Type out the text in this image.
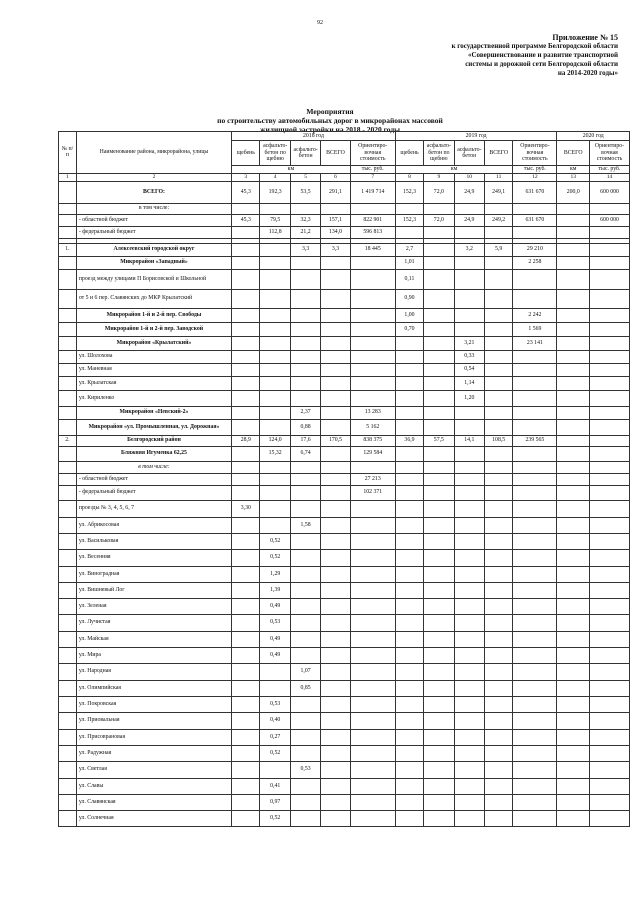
92
Приложение № 15
к государственной программе Белгородской области
«Совершенствование и развитие транспортной
системы и дорожной сети Белгородской области
на 2014-2020 годы»
Мероприятия
по строительству автомобильных дорог в микрорайонах массовой
жилищной застройки на 2018 - 2020 годы
№ п/п	Наименование района, микрорайона, улицы	2018 год					2019 год					2020 год	
		щебень	асфальто-бетон по щебню	асфальто-бетон	ВСЕГО	Ориентиро-вочная стоимость	щебень	асфальто-бетон по щебню	асфальто-бетон	ВСЕГО	Ориентиро-вочная стоимость	ВСЕГО	Ориентиро-вочная стоимость
		км				тыс. руб.	км				тыс. руб.	км	тыс. руб.
1	2	3	4	5	6	7	8	9	10	11	12	13	14
	ВСЕГО:	45,3	192,3	53,5	291,1	1 419 714	152,3	72,0	24,9	249,1	631 670	200,0	600 000
	в том числе:												
	- областной бюджет	45,3	79,5	32,3	157,1	822 901	152,3	72,0	24,9	249,2	631 670		600 000
	- федеральный бюджет		112,8	21,2	134,0	596 813							

1.	Алексеевский городской округ			3,3	3,3	18 445	2,7		3,2	5,9	29 210		
	Микрорайон «Западный»						1,01				2 258		
	проезд между улицами П Борисовской и Школьной						0,11						
	от 5 и 6 пер. Славянских до МКР Крылатский						0,90						
	Микрорайон 1-й и 2-й пер. Свободы						1,00				2 242		
	Микрорайон 1-й и 2-й пер. Заводской						0,70				1 569		
	Микрорайон «Крылатский»								3,21		23 141		
	ул. Шолохова								0,33				
	ул. Маневная								0,54				
	ул. Крылатская								1,14				
	ул. Кириленко								1,20				
	Микрорайон «Невский-2»			2,37		13 283							
	Микрорайон «ул. Промышленная, ул. Дорожная»			0,88		5 162							
2.	Белгородский район	28,9	124,0	17,6	170,5	838 375	36,9	57,5	14,1	108,5	239 565		
	Бляжняя Игуменка 62,25		15,32	6,74		129 584							
	в том числе:												
	- областной бюджет					27 213							
	- федеральный бюджет					102 371							
	проезды № 3, 4, 5, 6, 7	3,30											
	ул. Абрикосовая			1,58									
	ул. Васильковая		0,52										
	ул. Весенняя		0,52										
	ул. Виноградная		1,29										
	ул. Вишневый Лог		1,39										
	ул. Зеленая		0,49										
	ул. Лучистая		0,53										
	ул. Майская		0,49										
	ул. Мира		0,49										
	ул. Народная			1,07									
	ул. Олимпийская			0,85									
	ул. Покровская		0,53										
	ул. Приовальная		0,40										
	ул. Присоврановая		0,27										
	ул. Радужная		0,52										
	ул. Светлая			0,53									
	ул. Славы		0,41										
	ул. Славянская		0,97										
	ул. Солнечная		0,52										
